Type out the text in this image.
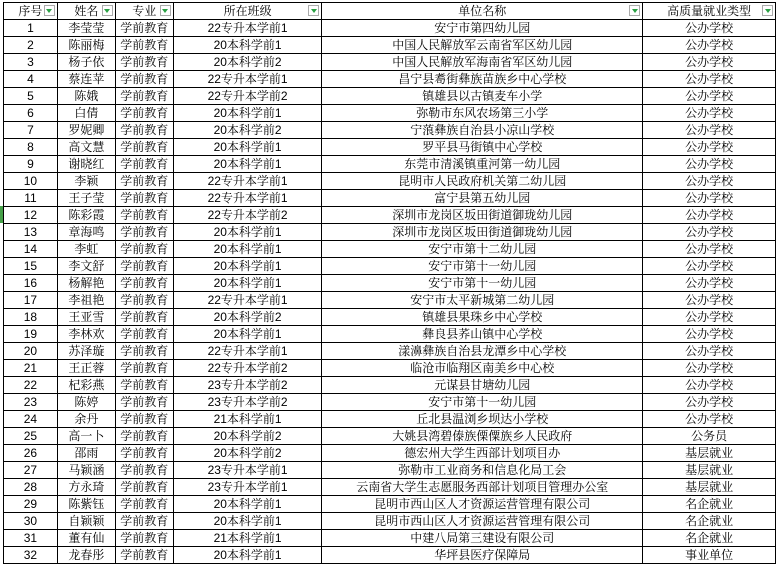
序号	姓名	专业	所在班级	单位名称	高质量就业类型

1	李莹莹	学前教育	22专升本学前1	安宁市第四幼儿园	公办学校
2	陈丽梅	学前教育	20本科学前1	中国人民解放军云南省军区幼儿园	公办学校
3	杨子依	学前教育	20本科学前2	中国人民解放军海南省军区幼儿园	公办学校
4	蔡连苹	学前教育	22专升本学前1	昌宁县耈街彝族苗族乡中心学校	公办学校
5	陈娥	学前教育	22专升本学前2	镇雄县以古镇麦车小学	公办学校
6	白倩	学前教育	20本科学前1	弥勒市东风农场第三小学	公办学校
7	罗妮卿	学前教育	20本科学前2	宁蒗彝族自治县小凉山学校	公办学校
8	高文慧	学前教育	20本科学前1	罗平县马街镇中心学校	公办学校
9	谢晓红	学前教育	20本科学前1	东莞市清溪镇重河第一幼儿园	公办学校
10	李颖	学前教育	22专升本学前1	昆明市人民政府机关第二幼儿园	公办学校
11	王子莹	学前教育	22专升本学前1	富宁县第五幼儿园	公办学校
12	陈彩霞	学前教育	22专升本学前2	深圳市龙岗区坂田街道御珑幼儿园	公办学校
13	章海鸣	学前教育	20本科学前1	深圳市龙岗区坂田街道御珑幼儿园	公办学校
14	李虹	学前教育	20本科学前1	安宁市第十二幼儿园	公办学校
15	李文舒	学前教育	20本科学前1	安宁市第十一幼儿园	公办学校
16	杨解艳	学前教育	20本科学前1	安宁市第十一幼儿园	公办学校
17	李祖艳	学前教育	22专升本学前1	安宁市太平新城第二幼儿园	公办学校
18	王亚雪	学前教育	20本科学前2	镇雄县果珠乡中心学校	公办学校
19	李林欢	学前教育	20本科学前1	彝良县荞山镇中心学校	公办学校
20	苏泽璇	学前教育	22专升本学前1	漾濞彝族自治县龙潭乡中心学校	公办学校
21	王正蓉	学前教育	22专升本学前2	临沧市临翔区南美乡中心校	公办学校
22	杞彩燕	学前教育	23专升本学前2	元谋县甘塘幼儿园	公办学校
23	陈婷	学前教育	23专升本学前2	安宁市第十一幼儿园	公办学校
24	余丹	学前教育	21本科学前1	丘北县温浏乡坝达小学校	公办学校
25	高一卜	学前教育	20本科学前2	大姚县湾碧傣族傈僳族乡人民政府	公务员
26	邵雨	学前教育	20本科学前2	德宏州大学生西部计划项目办	基层就业
27	马颖涵	学前教育	23专升本学前1	弥勒市工业商务和信息化局工会	基层就业
28	方永琦	学前教育	23专升本学前1	云南省大学生志愿服务西部计划项目管理办公室	基层就业
29	陈紫钰	学前教育	20本科学前1	昆明市西山区人才资源运营管理有限公司	名企就业
30	自颖颖	学前教育	20本科学前1	昆明市西山区人才资源运营管理有限公司	名企就业
31	董有仙	学前教育	21本科学前1	中建八局第三建设有限公司	名企就业
32	龙春彤	学前教育	20本科学前1	华坪县医疗保障局	事业单位
